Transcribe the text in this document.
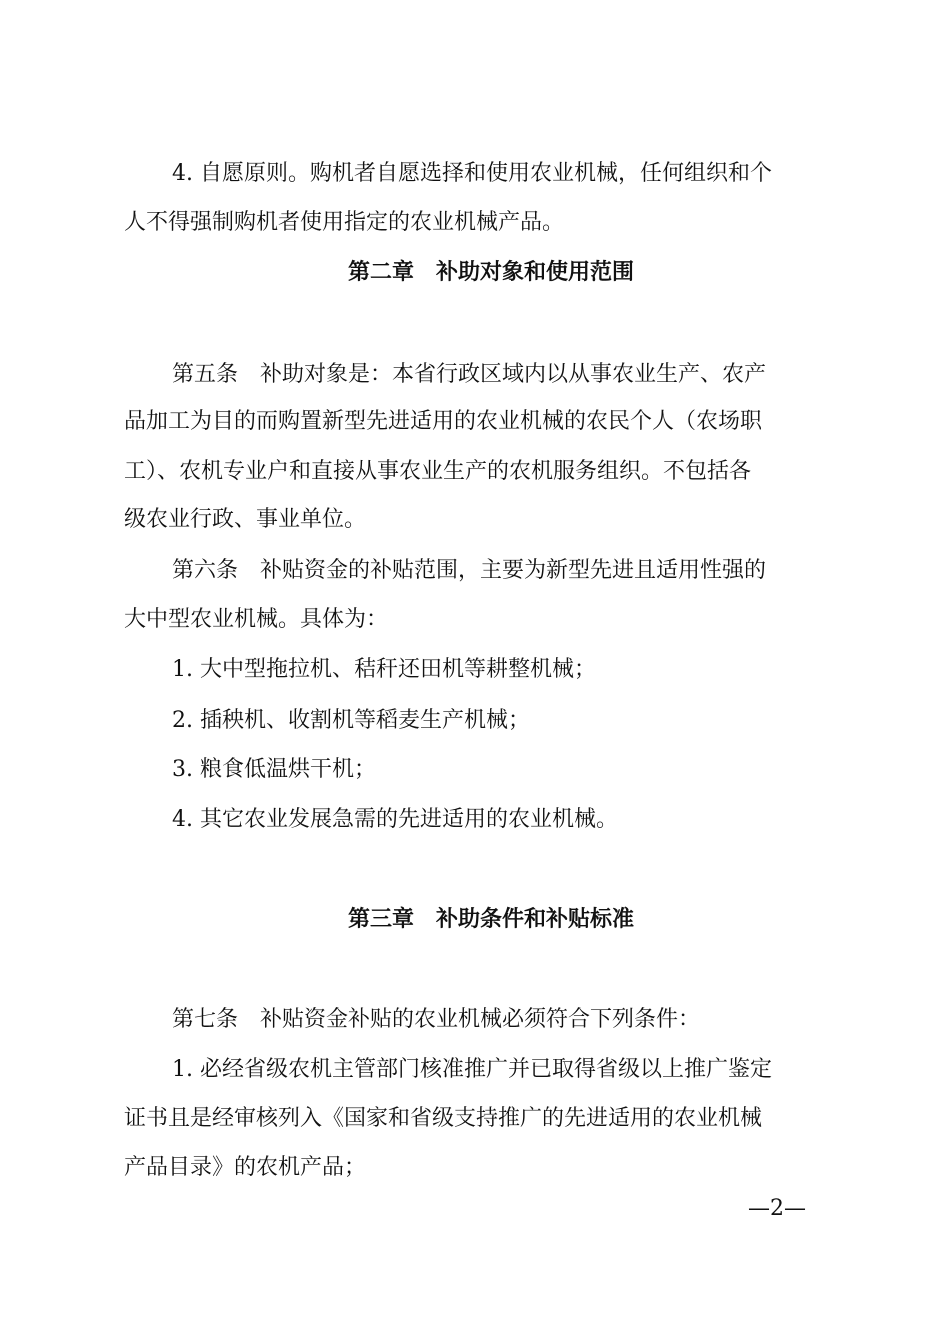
4. 自愿原则。购机者自愿选择和使用农业机械，任何组织和个
人不得强制购机者使用指定的农业机械产品。
第二章　补助对象和使用范围
第五条　补助对象是：本省行政区域内以从事农业生产、农产
品加工为目的而购置新型先进适用的农业机械的农民个人（农场职
工）、农机专业户和直接从事农业生产的农机服务组织。不包括各
级农业行政、事业单位。
第六条　补贴资金的补贴范围，主要为新型先进且适用性强的
大中型农业机械。具体为：
1. 大中型拖拉机、秸秆还田机等耕整机械；
2. 插秧机、收割机等稻麦生产机械；
3. 粮食低温烘干机；
4. 其它农业发展急需的先进适用的农业机械。
第三章　补助条件和补贴标准
第七条　补贴资金补贴的农业机械必须符合下列条件：
1. 必经省级农机主管部门核准推广并已取得省级以上推广鉴定
证书且是经审核列入《国家和省级支持推广的先进适用的农业机械
产品目录》的农机产品；
—2—
